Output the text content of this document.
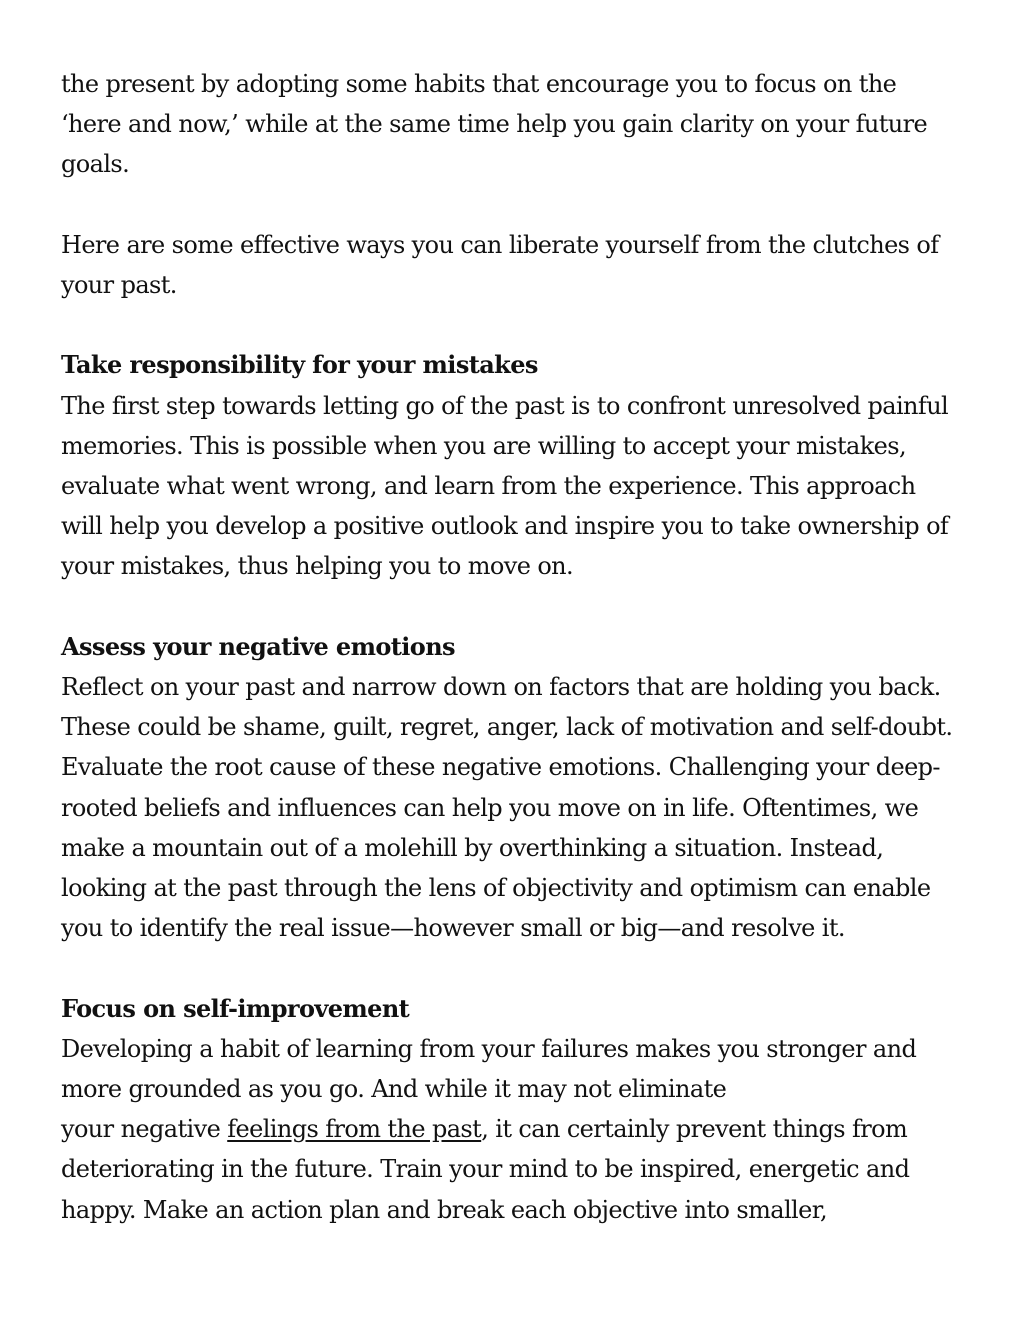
the present by adopting some habits that encourage you to focus on the
‘here and now,’ while at the same time help you gain clarity on your future
goals.

Here are some effective ways you can liberate yourself from the clutches of
your past.

Take responsibility for your mistakes

The first step towards letting go of the past is to confront unresolved painful
memories. This is possible when you are willing to accept your mistakes,
evaluate what went wrong, and learn from the experience. This approach
will help you develop a positive outlook and inspire you to take ownership of
your mistakes, thus helping you to move on.

Assess your negative emotions

Reflect on your past and narrow down on factors that are holding you back.
These could be shame, guilt, regret, anger, lack of motivation and self-doubt.
Evaluate the root cause of these negative emotions. Challenging your deep-
rooted beliefs and influences can help you move on in life. Oftentimes, we
make a mountain out of a molehill by overthinking a situation. Instead,
looking at the past through the lens of objectivity and optimism can enable
you to identify the real issue—however small or big—and resolve it.

Focus on self-improvement

Developing a habit of learning from your failures makes you stronger and
more grounded as you go. And while it may not eliminate
your negative feelings from the past, it can certainly prevent things from
deteriorating in the future. Train your mind to be inspired, energetic and
happy. Make an action plan and break each objective into smaller,
